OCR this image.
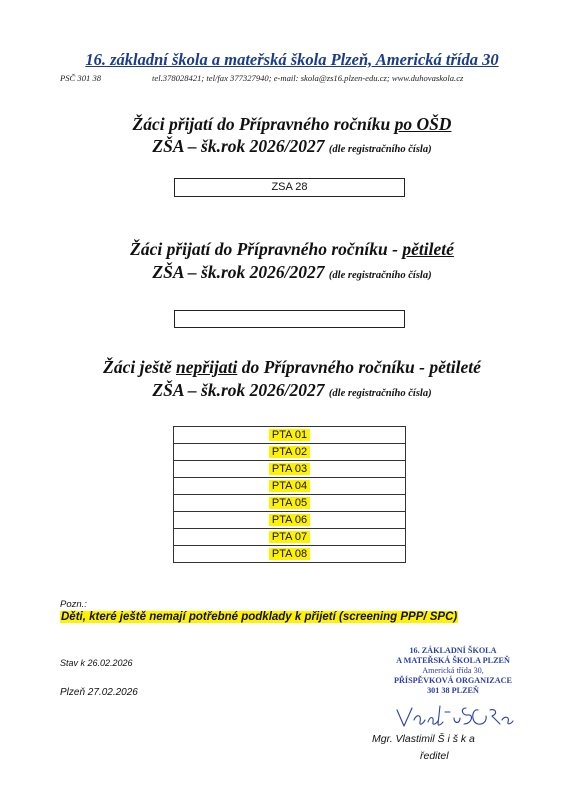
16. základní škola a mateřská škola Plzeň, Americká třída 30
PSČ 301 38	tel.378028421; tel/fax 377327940; e-mail: skola@zs16.plzen-edu.cz; www.duhovaskola.cz
Žáci přijatí do Přípravného ročníku po OŠD
ZŠA – šk.rok 2026/2027 (dle registračního čísla)
ZSA 28
Žáci přijatí do Přípravného ročníku - pětileté
ZŠA – šk.rok 2026/2027 (dle registračního čísla)
Žáci ještě nepřijati do Přípravného ročníku - pětileté
ZŠA – šk.rok 2026/2027 (dle registračního čísla)
PTA 01
PTA 02
PTA 03
PTA 04
PTA 05
PTA 06
PTA 07
PTA 08
Pozn.:
Děti, které ještě nemají potřebné podklady k přijetí (screening PPP/ SPC)
Stav k 26.02.2026
Plzeň 27.02.2026
16. ZÁKLADNÍ ŠKOLA
A MATEŘSKÁ ŠKOLA PLZEŇ
Americká třída 30,
PŘÍSPĚVKOVÁ ORGANIZACE
301 38 PLZEŇ
Mgr. Vlastimil Š i š k a
ředitel
